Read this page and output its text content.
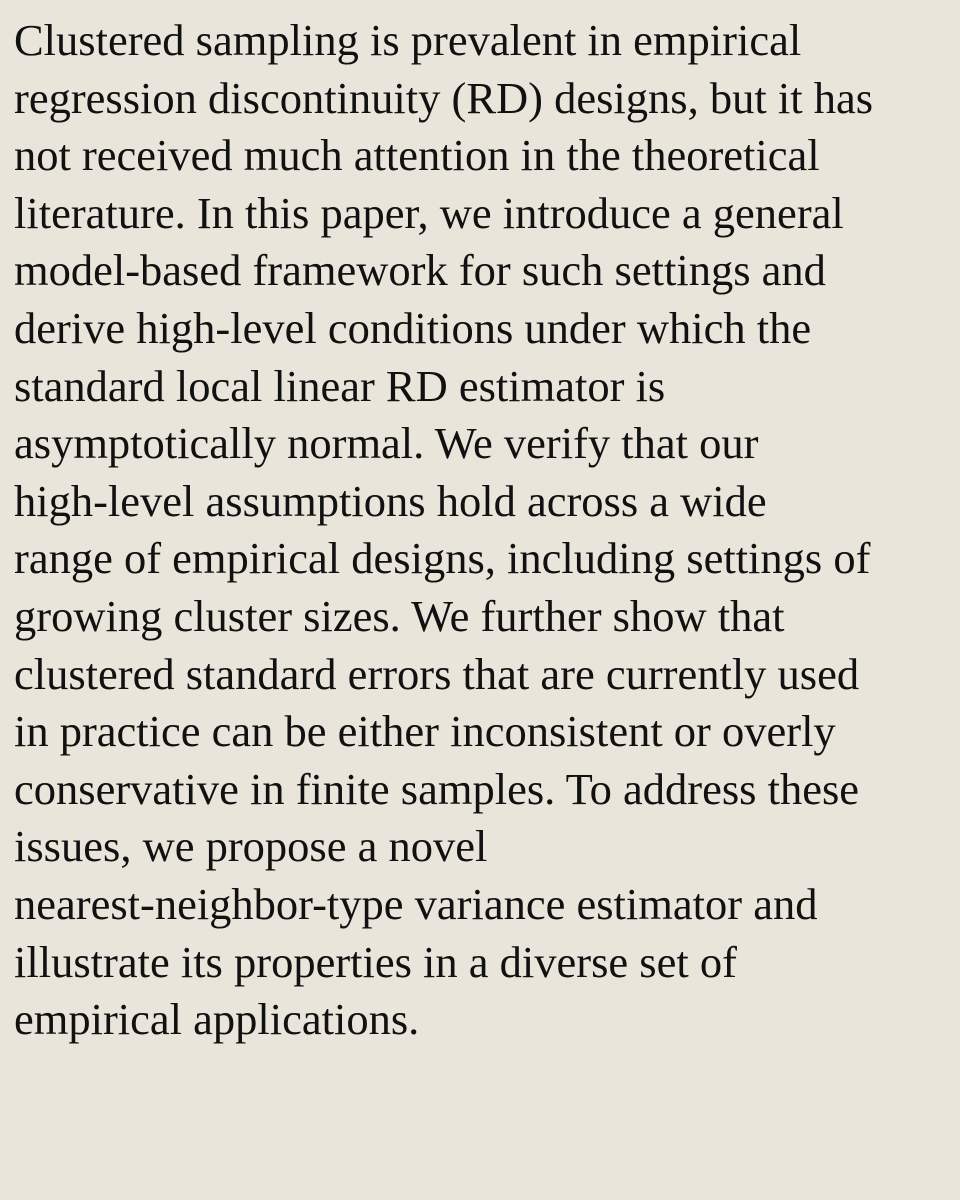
Clustered sampling is prevalent in empirical
regression discontinuity (RD) designs, but it has
not received much attention in the theoretical
literature. In this paper, we introduce a general
model-based framework for such settings and
derive high-level conditions under which the
standard local linear RD estimator is
asymptotically normal. We verify that our
high-level assumptions hold across a wide
range of empirical designs, including settings of
growing cluster sizes. We further show that
clustered standard errors that are currently used
in practice can be either inconsistent or overly
conservative in finite samples. To address these
issues, we propose a novel
nearest-neighbor-type variance estimator and
illustrate its properties in a diverse set of
empirical applications.
